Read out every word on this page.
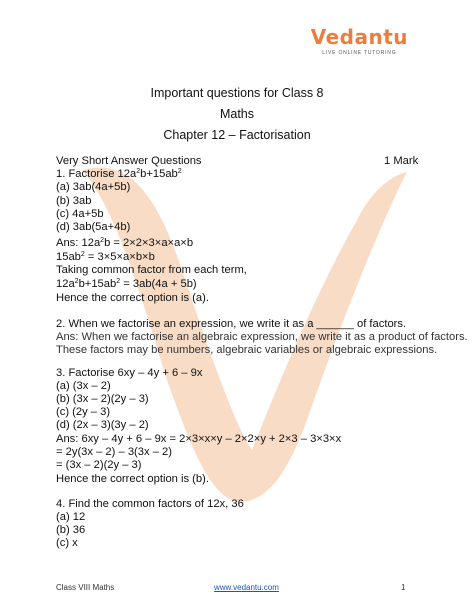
Vedantu
LIVE ONLINE TUTORING
Important questions for Class 8
Maths
Chapter 12 – Factorisation
Very Short Answer Questions	1 Mark
1. Factorise $12a^2b+15ab^2$
(a) 3ab(4a+5b)
(b) 3ab
(c) 4a+5b
(d) 3ab(5a+4b)
Ans: $12a^2b = 2\times 2\times 3\times a\times a\times b$
$15ab^2 = 3\times 5\times a\times b\times b$
Taking common factor from each term,
$12a^2b+15ab^2 = 3ab(4a + 5b)$
Hence the correct option is (a).
2. When we factorise an expression, we write it as a ______ of factors.
Ans: When we factorise an algebraic expression, we write it as a product of factors.
These factors may be numbers, algebraic variables or algebraic expressions.
3. Factorise 6xy – 4y + 6 – 9x
(a) (3x – 2)
(b) (3x – 2)(2y – 3)
(c) (2y – 3)
(d) (2x – 3)(3y – 2)
Ans: 6xy – 4y + 6 – 9x = 2×3×x×y – 2×2×y + 2×3 – 3×3×x
= 2y(3x – 2) – 3(3x – 2)
= (3x – 2)(2y – 3)
Hence the correct option is (b).
4. Find the common factors of 12x, 36
(a) 12
(b) 36
(c) x
Class VIII Maths	www.vedantu.com	1
